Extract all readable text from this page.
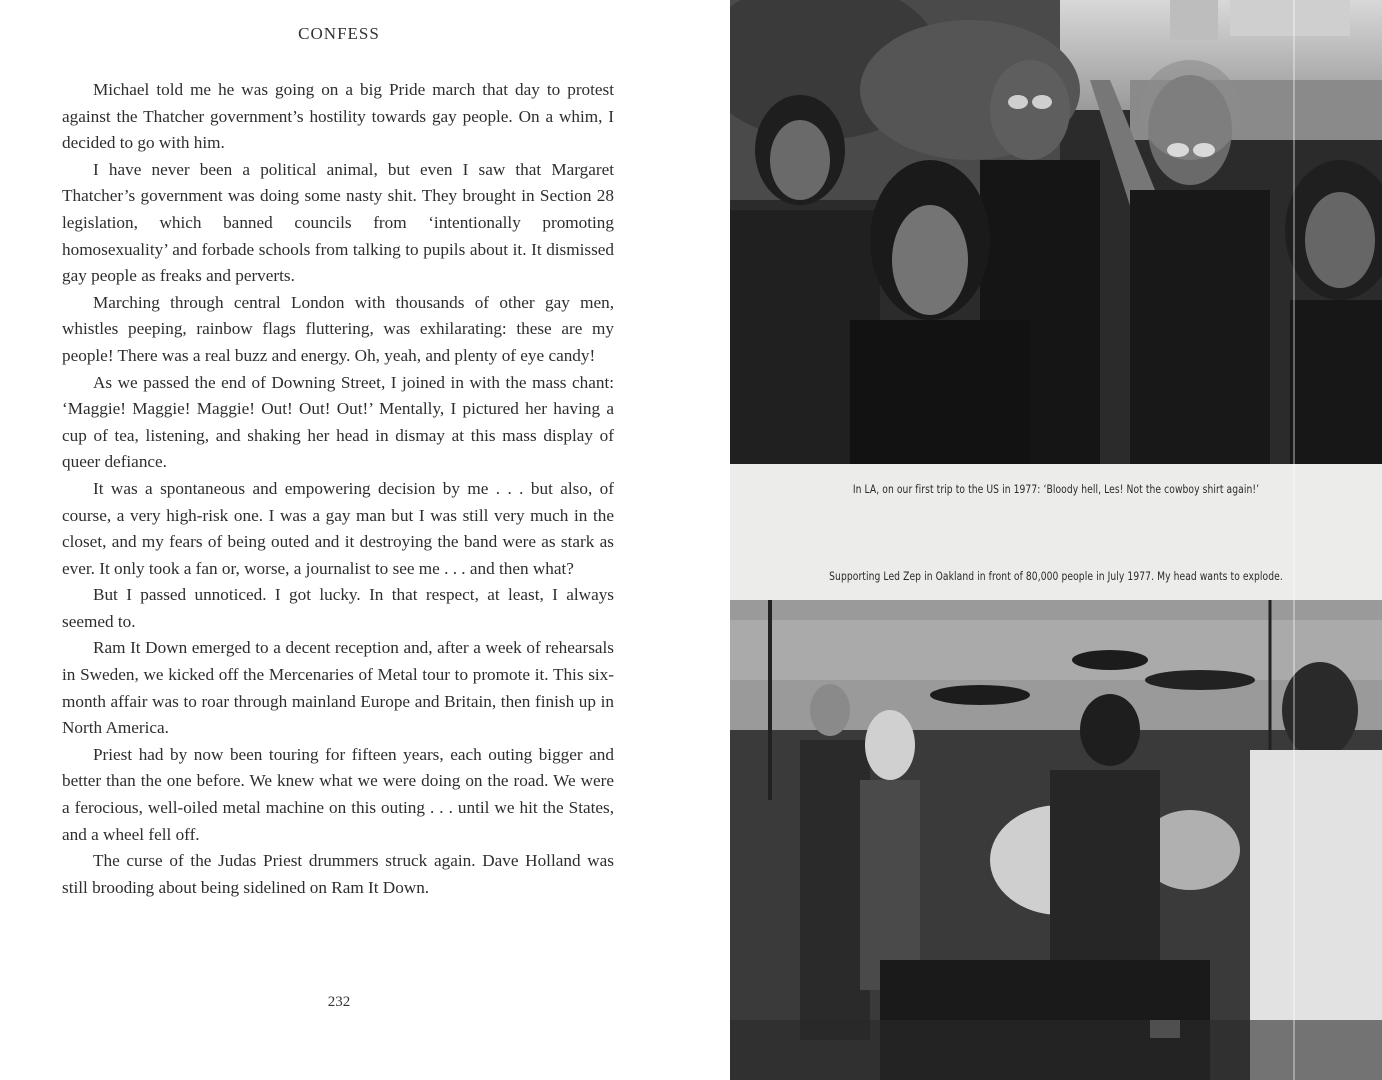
CONFESS

Michael told me he was going on a big Pride march that day to protest against the Thatcher government’s hostility towards gay people. On a whim, I decided to go with him.

I have never been a political animal, but even I saw that Margaret Thatcher’s government was doing some nasty shit. They brought in Section 28 legislation, which banned councils from ‘intentionally promoting homosexuality’ and forbade schools from talking to pupils about it. It dismissed gay people as freaks and perverts.

Marching through central London with thousands of other gay men, whistles peeping, rainbow flags fluttering, was exhilarating: these are my people! There was a real buzz and energy. Oh, yeah, and plenty of eye candy!

As we passed the end of Downing Street, I joined in with the mass chant: ‘Maggie! Maggie! Maggie! Out! Out! Out!’ Mentally, I pictured her having a cup of tea, listening, and shaking her head in dismay at this mass display of queer defiance.

It was a spontaneous and empowering decision by me . . . but also, of course, a very high-risk one. I was a gay man but I was still very much in the closet, and my fears of being outed and it destroying the band were as stark as ever. It only took a fan or, worse, a journalist to see me . . . and then what?

But I passed unnoticed. I got lucky. In that respect, at least, I always seemed to.

Ram It Down emerged to a decent reception and, after a week of rehearsals in Sweden, we kicked off the Mercenaries of Metal tour to promote it. This six-month affair was to roar through mainland Europe and Britain, then finish up in North America.

Priest had by now been touring for fifteen years, each outing bigger and better than the one before. We knew what we were doing on the road. We were a ferocious, well-oiled metal machine on this outing . . . until we hit the States, and a wheel fell off.

The curse of the Judas Priest drummers struck again. Dave Holland was still brooding about being sidelined on Ram It Down.

232
In LA, on our first trip to the US in 1977: ‘Bloody hell, Les! Not the cowboy shirt again!’
Supporting Led Zep in Oakland in front of 80,000 people in July 1977. My head wants to explode.
